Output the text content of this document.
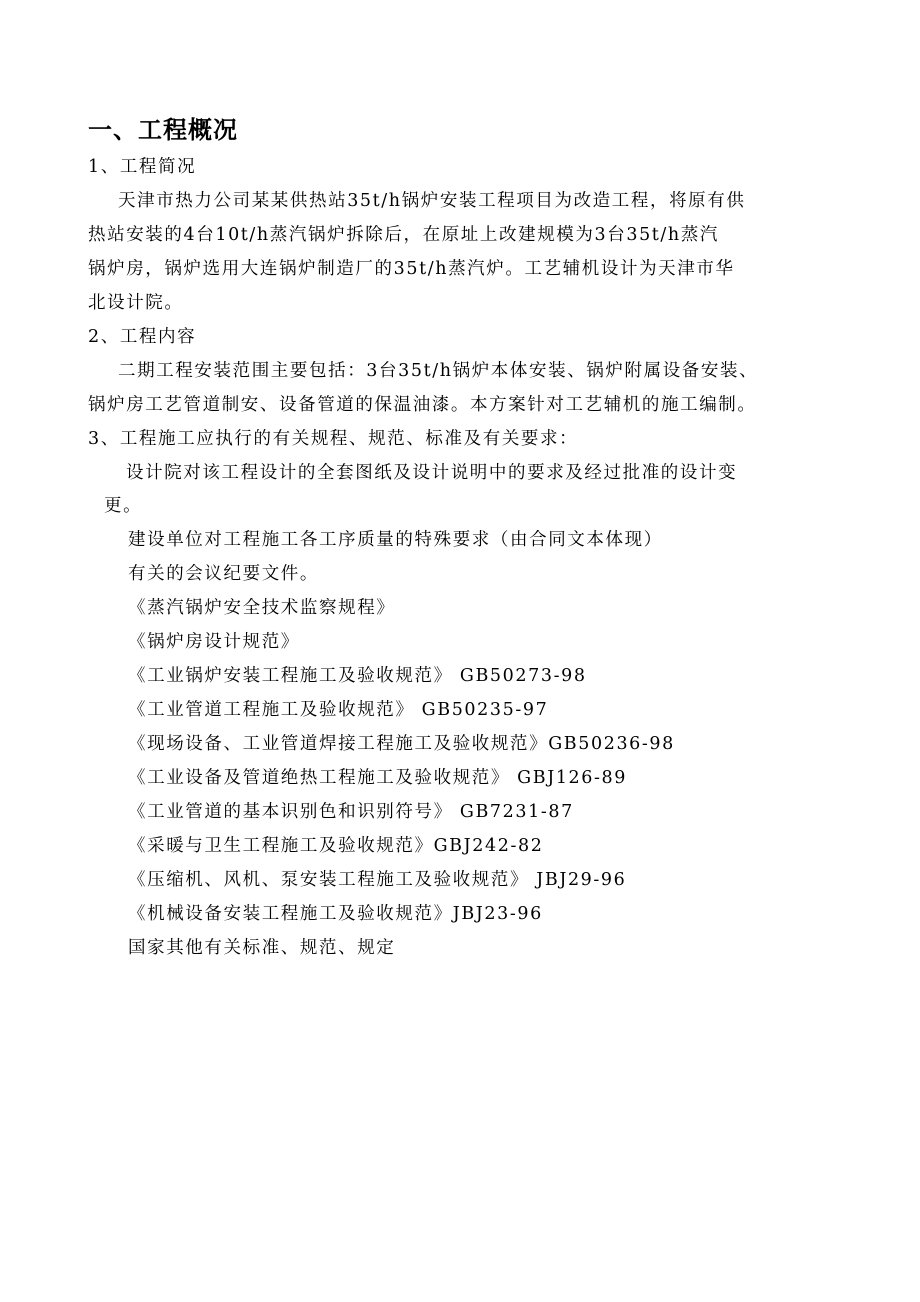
一、工程概况
1、工程简况
天津市热力公司某某供热站35t/h锅炉安装工程项目为改造工程，将原有供
热站安装的4台10t/h蒸汽锅炉拆除后，在原址上改建规模为3台35t/h蒸汽
锅炉房，锅炉选用大连锅炉制造厂的35t/h蒸汽炉。工艺辅机设计为天津市华
北设计院。
2、工程内容
二期工程安装范围主要包括：3台35t/h锅炉本体安装、锅炉附属设备安装、
锅炉房工艺管道制安、设备管道的保温油漆。本方案针对工艺辅机的施工编制。
3、工程施工应执行的有关规程、规范、标准及有关要求：
设计院对该工程设计的全套图纸及设计说明中的要求及经过批准的设计变
更。
建设单位对工程施工各工序质量的特殊要求（由合同文本体现）
有关的会议纪要文件。
《蒸汽锅炉安全技术监察规程》
《锅炉房设计规范》
《工业锅炉安装工程施工及验收规范》 GB50273-98
《工业管道工程施工及验收规范》 GB50235-97
《现场设备、工业管道焊接工程施工及验收规范》GB50236-98
《工业设备及管道绝热工程施工及验收规范》 GBJ126-89
《工业管道的基本识别色和识别符号》 GB7231-87
《采暖与卫生工程施工及验收规范》GBJ242-82
《压缩机、风机、泵安装工程施工及验收规范》 JBJ29-96
《机械设备安装工程施工及验收规范》JBJ23-96
国家其他有关标准、规范、规定
